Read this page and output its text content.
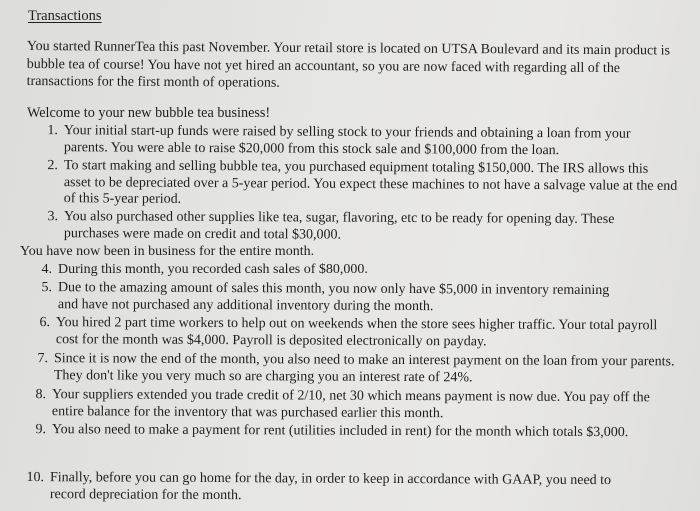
Transactions
You started RunnerTea this past November. Your retail store is located on UTSA Boulevard and its main product is bubble tea of course! You have not yet hired an accountant, so you are now faced with regarding all of the transactions for the first month of operations.
Welcome to your new bubble tea business!
1. Your initial start-up funds were raised by selling stock to your friends and obtaining a loan from your parents. You were able to raise $20,000 from this stock sale and $100,000 from the loan.
2. To start making and selling bubble tea, you purchased equipment totaling $150,000. The IRS allows this asset to be depreciated over a 5-year period. You expect these machines to not have a salvage value at the end of this 5-year period.
3. You also purchased other supplies like tea, sugar, flavoring, etc to be ready for opening day. These purchases were made on credit and total $30,000.
You have now been in business for the entire month.
4. During this month, you recorded cash sales of $80,000.
5. Due to the amazing amount of sales this month, you now only have $5,000 in inventory remaining and have not purchased any additional inventory during the month.
6. You hired 2 part time workers to help out on weekends when the store sees higher traffic. Your total payroll cost for the month was $4,000. Payroll is deposited electronically on payday.
7. Since it is now the end of the month, you also need to make an interest payment on the loan from your parents. They don't like you very much so are charging you an interest rate of 24%.
8. Your suppliers extended you trade credit of 2/10, net 30 which means payment is now due. You pay off the entire balance for the inventory that was purchased earlier this month.
9. You also need to make a payment for rent (utilities included in rent) for the month which totals $3,000.
10. Finally, before you can go home for the day, in order to keep in accordance with GAAP, you need to record depreciation for the month.
